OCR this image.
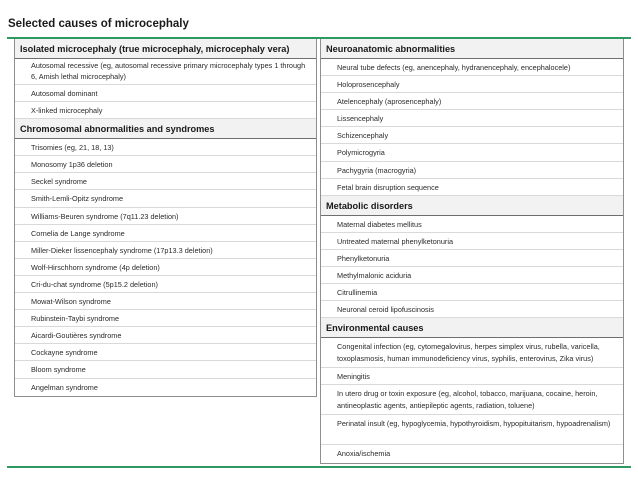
Selected causes of microcephaly
Isolated microcephaly (true microcephaly, microcephaly vera)
Autosomal recessive (eg, autosomal recessive primary microcephaly types 1 through 6, Amish lethal microcephaly)
Autosomal dominant
X-linked microcephaly
Chromosomal abnormalities and syndromes
Trisomies (eg, 21, 18, 13)
Monosomy 1p36 deletion
Seckel syndrome
Smith-Lemli-Opitz syndrome
Williams-Beuren syndrome (7q11.23 deletion)
Cornelia de Lange syndrome
Miller-Dieker lissencephaly syndrome (17p13.3 deletion)
Wolf-Hirschhorn syndrome (4p deletion)
Cri-du-chat syndrome (5p15.2 deletion)
Mowat-Wilson syndrome
Rubinstein-Taybi syndrome
Aicardi-Goutières syndrome
Cockayne syndrome
Bloom syndrome
Angelman syndrome
Neuroanatomic abnormalities
Neural tube defects (eg, anencephaly, hydranencephaly, encephalocele)
Holoprosencephaly
Atelencephaly (aprosencephaly)
Lissencephaly
Schizencephaly
Polymicrogyria
Pachygyria (macrogyria)
Fetal brain disruption sequence
Metabolic disorders
Maternal diabetes mellitus
Untreated maternal phenylketonuria
Phenylketonuria
Methylmalonic aciduria
Citrullinemia
Neuronal ceroid lipofuscinosis
Environmental causes
Congenital infection (eg, cytomegalovirus, herpes simplex virus, rubella, varicella, toxoplasmosis, human immunodeficiency virus, syphilis, enterovirus, Zika virus)
Meningitis
In utero drug or toxin exposure (eg, alcohol, tobacco, marijuana, cocaine, heroin, antineoplastic agents, antiepileptic agents, radiation, toluene)
Perinatal insult (eg, hypoglycemia, hypothyroidism, hypopituitarism, hypoadrenalism)
Anoxia/ischemia
